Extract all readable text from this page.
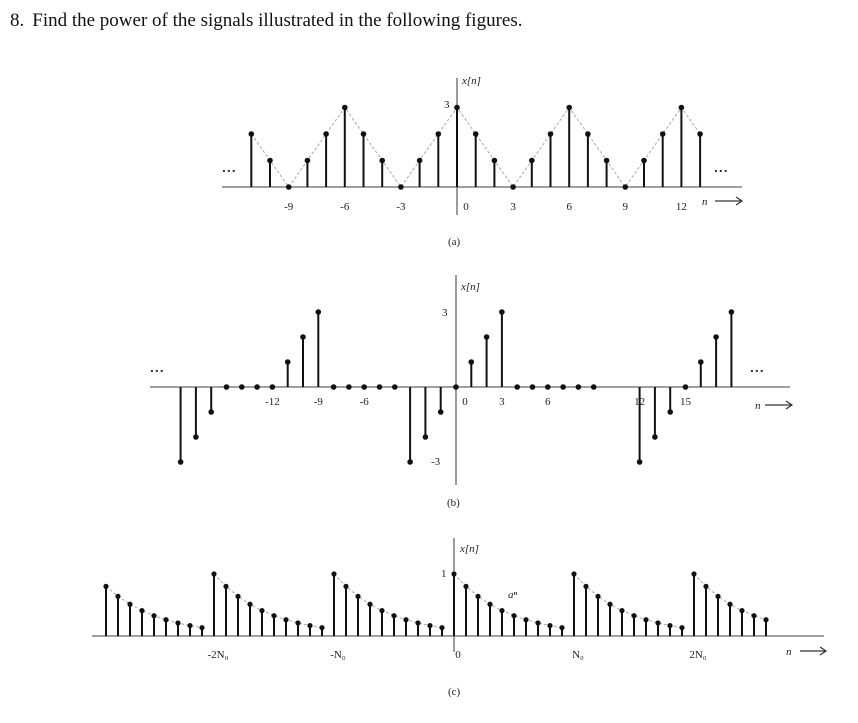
8. Find the power of the signals illustrated in the following figures.
x[n]
3
-9	-6	-3	0	3	6	9	12
...	...
n
(a)
x[n]
3
-3
-12	-9	-6	0	3	6	12	15
...	...
n
(b)
x[n]
1
aⁿ
-2N₀	-N₀	0	N₀	2N₀	n
(c)
